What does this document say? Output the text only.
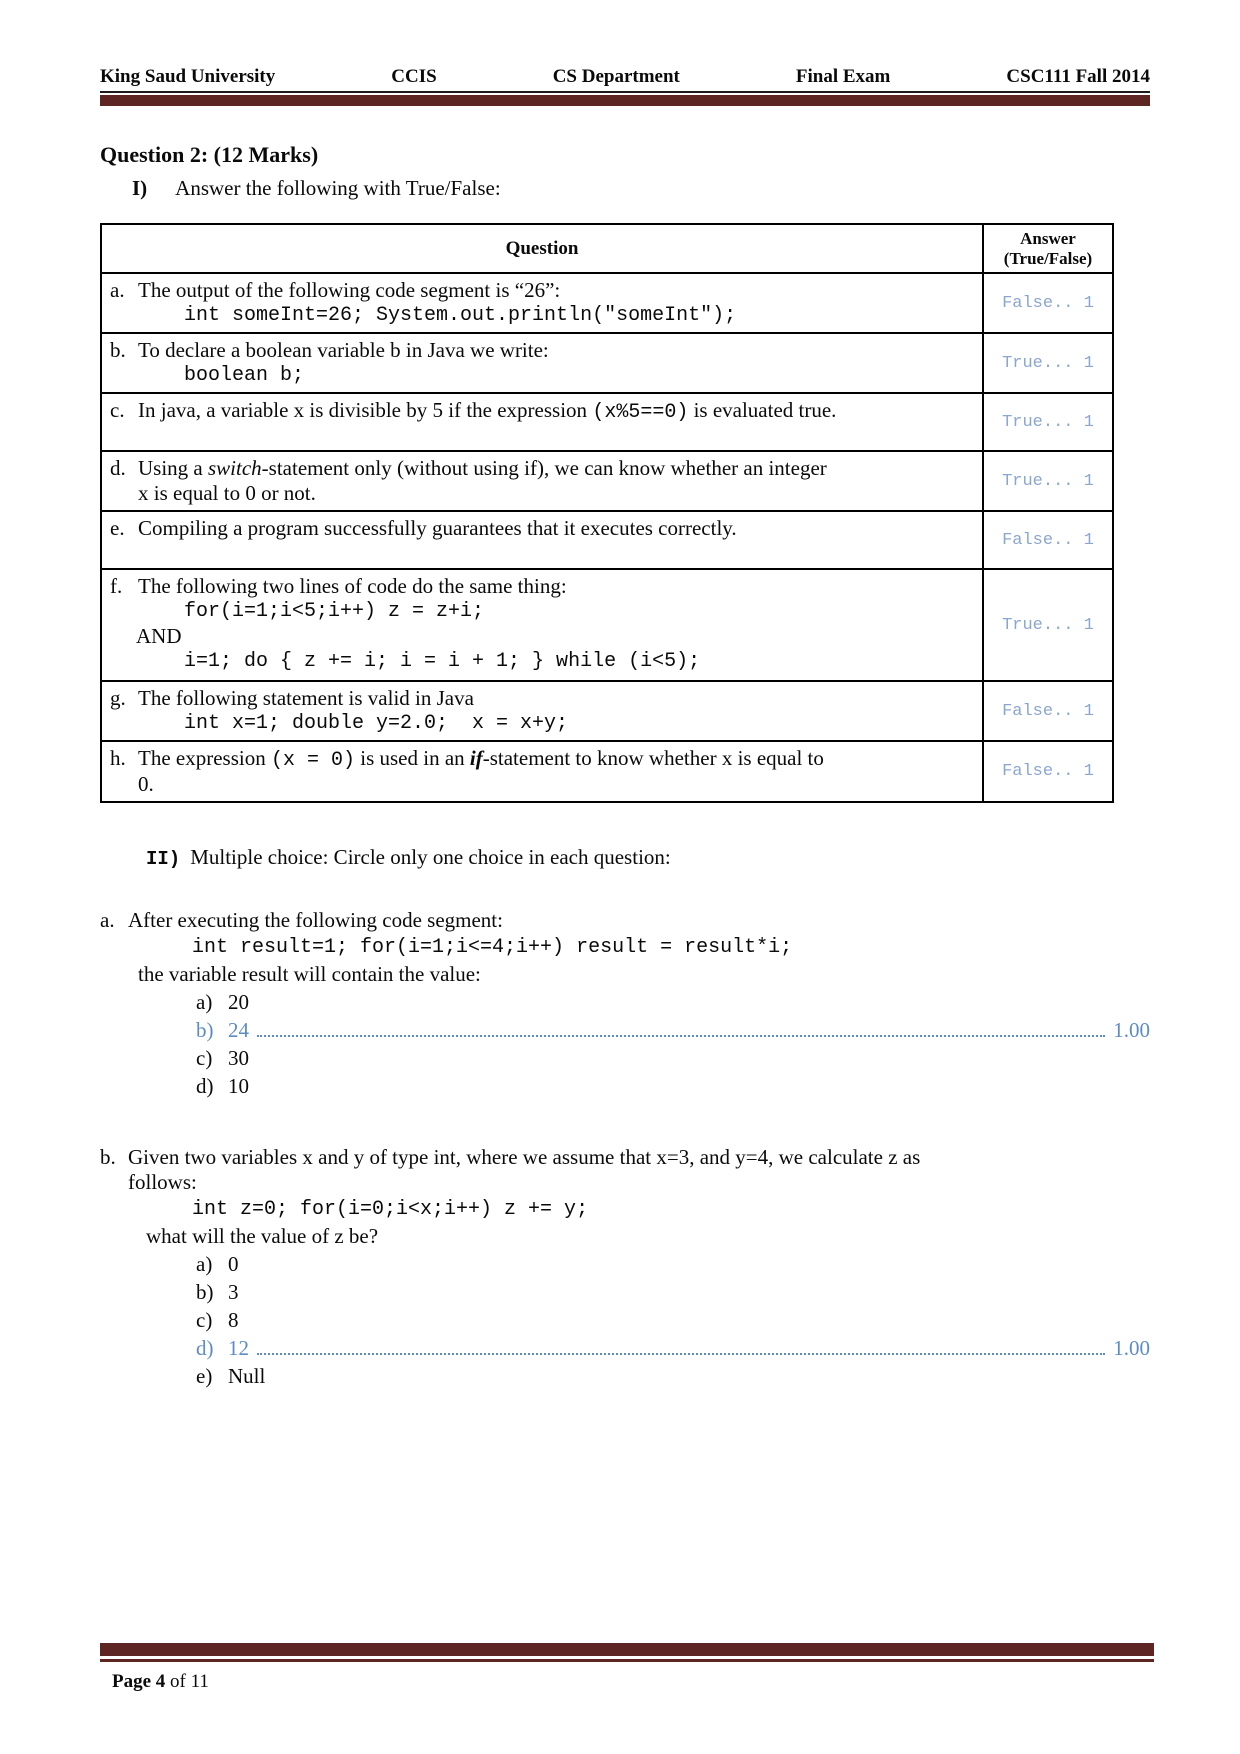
King Saud University	CCIS	CS Department	Final Exam	CSC111 Fall 2014
Question 2: (12 Marks)
I) Answer the following with True/False:
Question	Answer
(True/False)

a. The output of the following code segment is “26”:
int someInt=26; System.out.println("someInt");	False.. 1

b. To declare a boolean variable b in Java we write:
boolean b;	True... 1

c. In java, a variable x is divisible by 5 if the expression (x%5==0) is evaluated true.	True... 1

d. Using a switch-statement only (without using if), we can know whether an integer
x is equal to 0 or not.	True... 1

e. Compiling a program successfully guarantees that it executes correctly.	False.. 1

f. The following two lines of code do the same thing:
for(i=1;i<5;i++) z = z+i;
AND
i=1; do { z += i; i = i + 1; } while (i<5);	True... 1

g. The following statement is valid in Java
int x=1; double y=2.0;  x = x+y;	False.. 1

h. The expression (x = 0) is used in an if-statement to know whether x is equal to
0.	False.. 1
II) Multiple choice: Circle only one choice in each question:
a. After executing the following code segment:
int result=1; for(i=1;i<=4;i++) result = result*i;
the variable result will contain the value:
a) 20
b) 24	1.00
c) 30
d) 10
b. Given two variables x and y of type int, where we assume that x=3, and y=4, we calculate z as
follows:
int z=0; for(i=0;i<x;i++) z += y;
what will the value of z be?
a) 0
b) 3
c) 8
d) 12	1.00
e) Null
Page 4 of 11
